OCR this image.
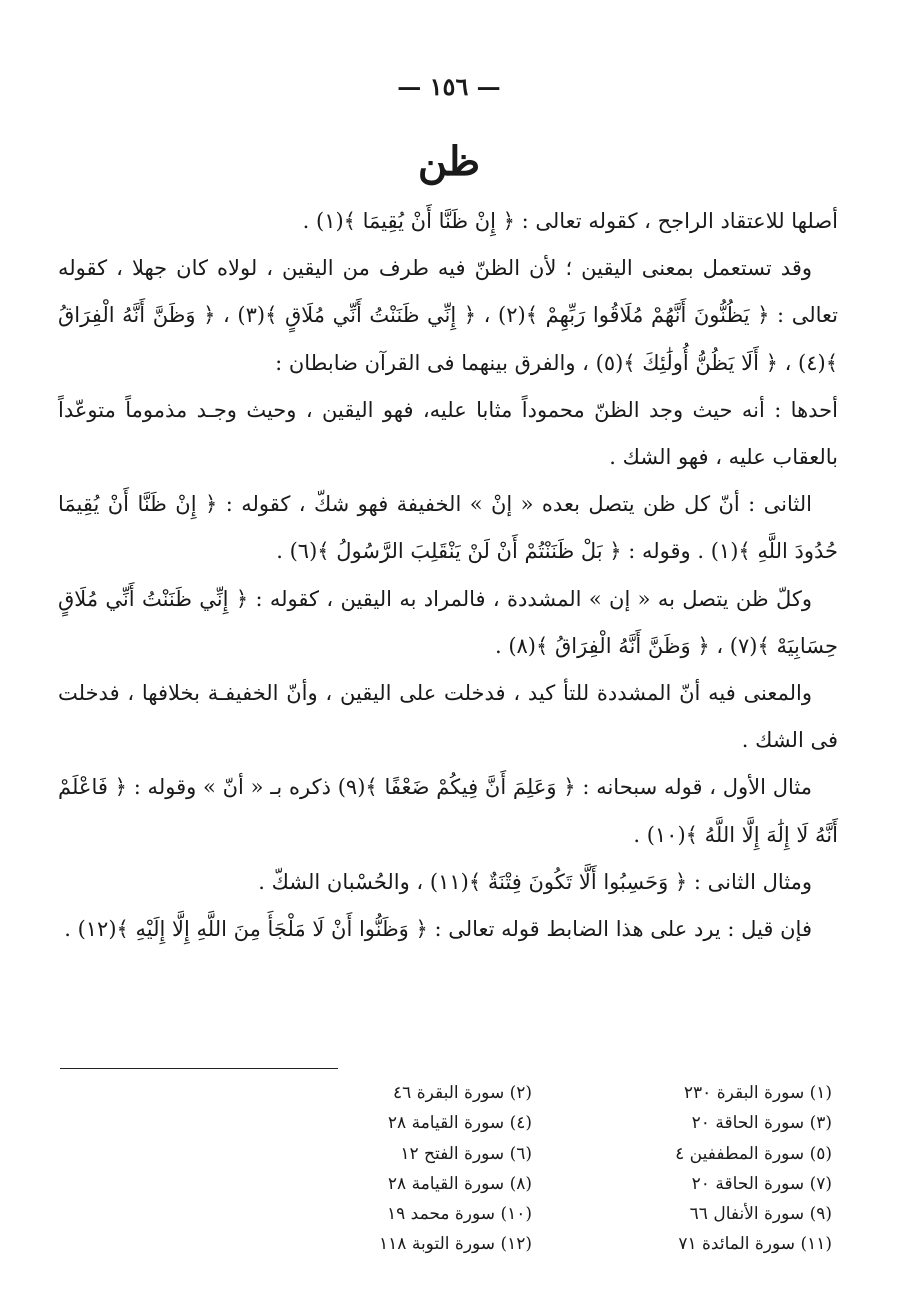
— ١٥٦ —
ظن

أصلها للاعتقاد الراجح ، كقوله تعالى : ﴿ إِنْ ظَنَّا أَنْ يُقِيمَا ﴾(١) .

وقد تستعمل بمعنى اليقين ؛ لأن الظنّ فيه طرف من اليقين ، لولاه كان جهلا ، كقوله تعالى : ﴿ يَظُنُّونَ أَنَّهُمْ مُلَاقُوا رَبِّهِمْ ﴾(٢) ، ﴿ إِنِّي ظَنَنْتُ أَنِّي مُلَاقٍ ﴾(٣) ، ﴿ وَظَنَّ أَنَّهُ الْفِرَاقُ ﴾(٤) ، ﴿ أَلَا يَظُنُّ أُولَٰئِكَ ﴾(٥) ، والفرق بينهما فى القرآن ضابطان :

أحدها : أنه حيث وجد الظنّ محموداً مثابا عليه، فهو اليقين ، وحيث وجـد مذموماً متوعّداً بالعقاب عليه ، فهو الشك .

الثانى : أنّ كل ظن يتصل بعده « إنْ » الخفيفة فهو شكّ ، كقوله : ﴿ إِنْ ظَنَّا أَنْ يُقِيمَا حُدُودَ اللَّهِ ﴾(١) . وقوله : ﴿ بَلْ ظَنَنْتُمْ أَنْ لَنْ يَنْقَلِبَ الرَّسُولُ ﴾(٦) .

وكلّ ظن يتصل به « إن » المشددة ، فالمراد به اليقين ، كقوله : ﴿ إِنِّي ظَنَنْتُ أَنِّي مُلَاقٍ حِسَابِيَهْ ﴾(٧) ، ﴿ وَظَنَّ أَنَّهُ الْفِرَاقُ ﴾(٨) .

والمعنى فيه أنّ المشددة للتأ كيد ، فدخلت على اليقين ، وأنّ الخفيفـة بخلافها ، فدخلت فى الشك .

مثال الأول ، قوله سبحانه : ﴿ وَعَلِمَ أَنَّ فِيكُمْ ضَعْفًا ﴾(٩) ذكره بـ « أنّ » وقوله : ﴿ فَاعْلَمْ أَنَّهُ لَا إِلَٰهَ إِلَّا اللَّهُ ﴾(١٠) .

ومثال الثانى : ﴿ وَحَسِبُوا أَلَّا تَكُونَ فِتْنَةٌ ﴾(١١) ، والحُسْبان الشكّ .

فإن قيل : يرد على هذا الضابط قوله تعالى : ﴿ وَظَنُّوا أَنْ لَا مَلْجَأَ مِنَ اللَّهِ إِلَّا إِلَيْهِ ﴾(١٢) .

(١) سورة البقرة ٢٣٠
(٢) سورة البقرة ٤٦
(٣) سورة الحاقة ٢٠
(٤) سورة القيامة ٢٨
(٥) سورة المطففين ٤
(٦) سورة الفتح ١٢
(٧) سورة الحاقة ٢٠
(٨) سورة القيامة ٢٨
(٩) سورة الأنفال ٦٦
(١٠) سورة محمد ١٩
(١١) سورة المائدة ٧١
(١٢) سورة التوبة ١١٨
